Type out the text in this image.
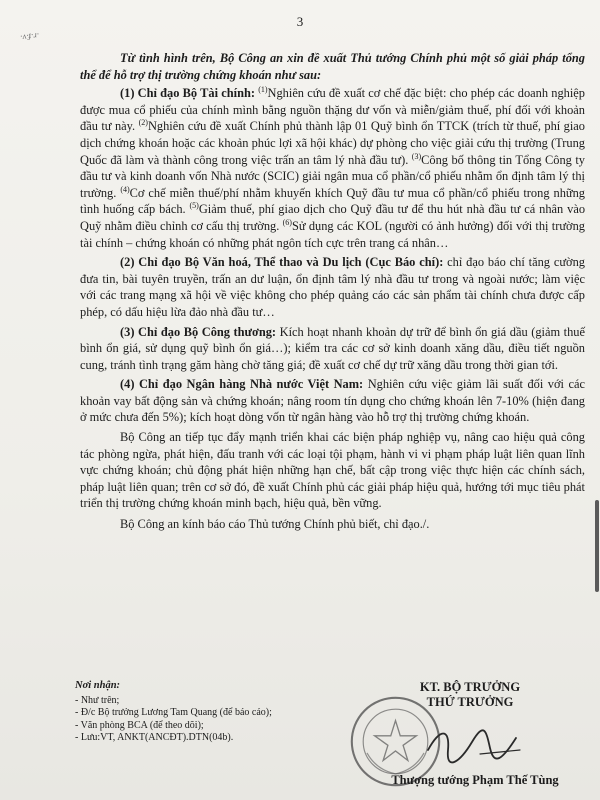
3
·ʌ·ɟ·ɹ·

Từ tình hình trên, Bộ Công an xin đề xuất Thủ tướng Chính phủ một số giải pháp tổng thể để hỗ trợ thị trường chứng khoán như sau:

(1) Chỉ đạo Bộ Tài chính: $^{(1)}$Nghiên cứu đề xuất cơ chế đặc biệt: cho phép các doanh nghiệp được mua cổ phiếu của chính mình bằng nguồn thặng dư vốn và miễn/giảm thuế, phí đối với khoản đầu tư này. $^{(2)}$Nghiên cứu đề xuất Chính phủ thành lập 01 Quỹ bình ổn TTCK (trích từ thuế, phí giao dịch chứng khoán hoặc các khoản phúc lợi xã hội khác) dự phòng cho việc giải cứu thị trường (Trung Quốc đã làm và thành công trong việc trấn an tâm lý nhà đầu tư). $^{(3)}$Công bố thông tin Tổng Công ty đầu tư và kinh doanh vốn Nhà nước (SCIC) giải ngân mua cổ phần/cổ phiếu nhằm ổn định tâm lý thị trường. $^{(4)}$Cơ chế miễn thuế/phí nhằm khuyến khích Quỹ đầu tư mua cổ phần/cổ phiếu trong những tình huống cấp bách. $^{(5)}$Giảm thuế, phí giao dịch cho Quỹ đầu tư để thu hút nhà đầu tư cá nhân vào Quỹ nhằm điều chỉnh cơ cấu thị trường. $^{(6)}$Sử dụng các KOL (người có ảnh hưởng) đối với thị trường tài chính – chứng khoán có những phát ngôn tích cực trên trang cá nhân…

(2) Chỉ đạo Bộ Văn hoá, Thể thao và Du lịch (Cục Báo chí): chỉ đạo báo chí tăng cường đưa tin, bài tuyên truyền, trấn an dư luận, ổn định tâm lý nhà đầu tư trong và ngoài nước; làm việc với các trang mạng xã hội về việc không cho phép quảng cáo các sản phẩm tài chính chưa được cấp phép, có dấu hiệu lừa đảo nhà đầu tư…

(3) Chỉ đạo Bộ Công thương: Kích hoạt nhanh khoản dự trữ để bình ổn giá dầu (giảm thuế bình ổn giá, sử dụng quỹ bình ổn giá…); kiểm tra các cơ sở kinh doanh xăng dầu, điều tiết nguồn cung, tránh tình trạng găm hàng chờ tăng giá; đề xuất cơ chế dự trữ xăng dầu trong thời gian tới.

(4) Chỉ đạo Ngân hàng Nhà nước Việt Nam: Nghiên cứu việc giảm lãi suất đối với các khoản vay bất động sản và chứng khoán; nâng room tín dụng cho chứng khoán lên 7-10% (hiện đang ở mức chưa đến 5%); kích hoạt dòng vốn từ ngân hàng vào hỗ trợ thị trường chứng khoán.

Bộ Công an tiếp tục đẩy mạnh triển khai các biện pháp nghiệp vụ, nâng cao hiệu quả công tác phòng ngừa, phát hiện, đấu tranh với các loại tội phạm, hành vi vi phạm pháp luật liên quan lĩnh vực chứng khoán; chủ động phát hiện những hạn chế, bất cập trong việc thực hiện các chính sách, pháp luật liên quan; trên cơ sở đó, đề xuất Chính phủ các giải pháp hiệu quả, hướng tới mục tiêu phát triển thị trường chứng khoán minh bạch, hiệu quả, bền vững.

Bộ Công an kính báo cáo Thủ tướng Chính phủ biết, chỉ đạo./.

Nơi nhận:
- Như trên;
- Đ/c Bộ trưởng Lương Tam Quang (để báo cáo);
- Văn phòng BCA (để theo dõi);
- Lưu:VT, ANKT(ANCĐT).DTN(04b).
KT. BỘ TRƯỞNG
THỨ TRƯỞNG
Thượng tướng Phạm Thế Tùng
